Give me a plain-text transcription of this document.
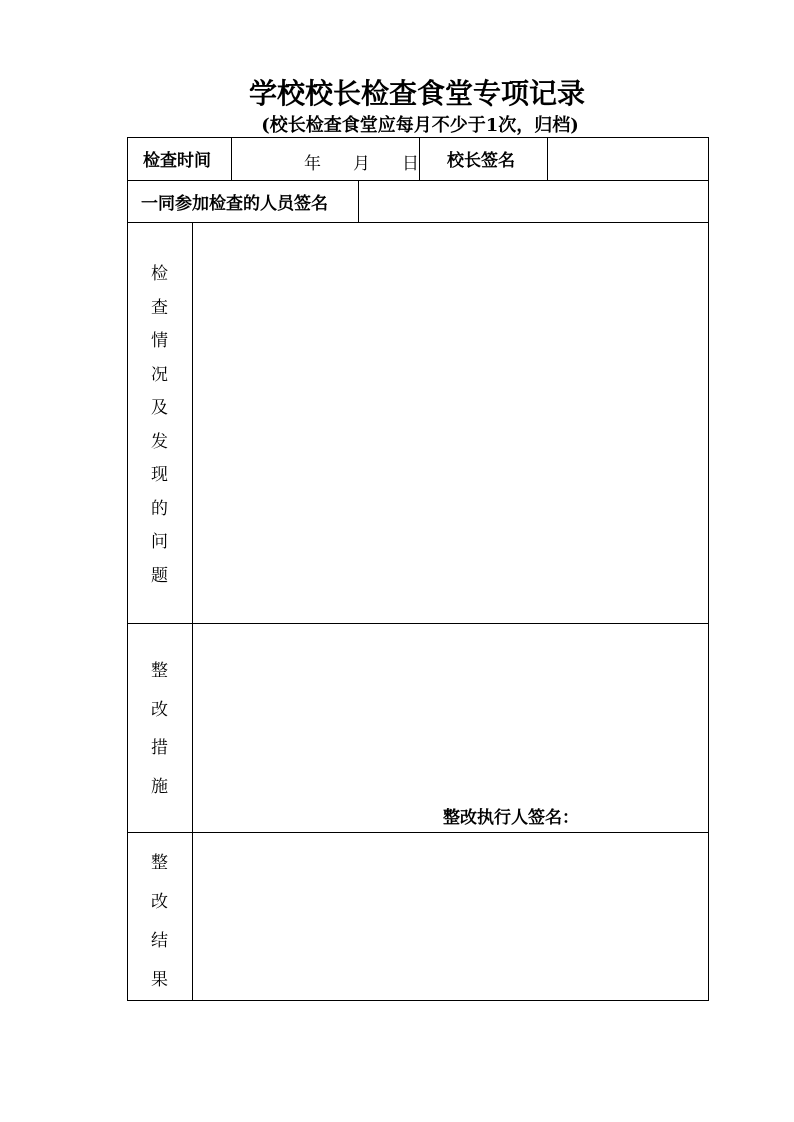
学校校长检查食堂专项记录
(校长检查食堂应每月不少于1次，归档)
检查时间	年 月 日 校长签名
一同参加检查的人员签名
检
查
情
况
及
发
现
的
问
题
整
改
措
施
整改执行人签名：
整
改
结
果
